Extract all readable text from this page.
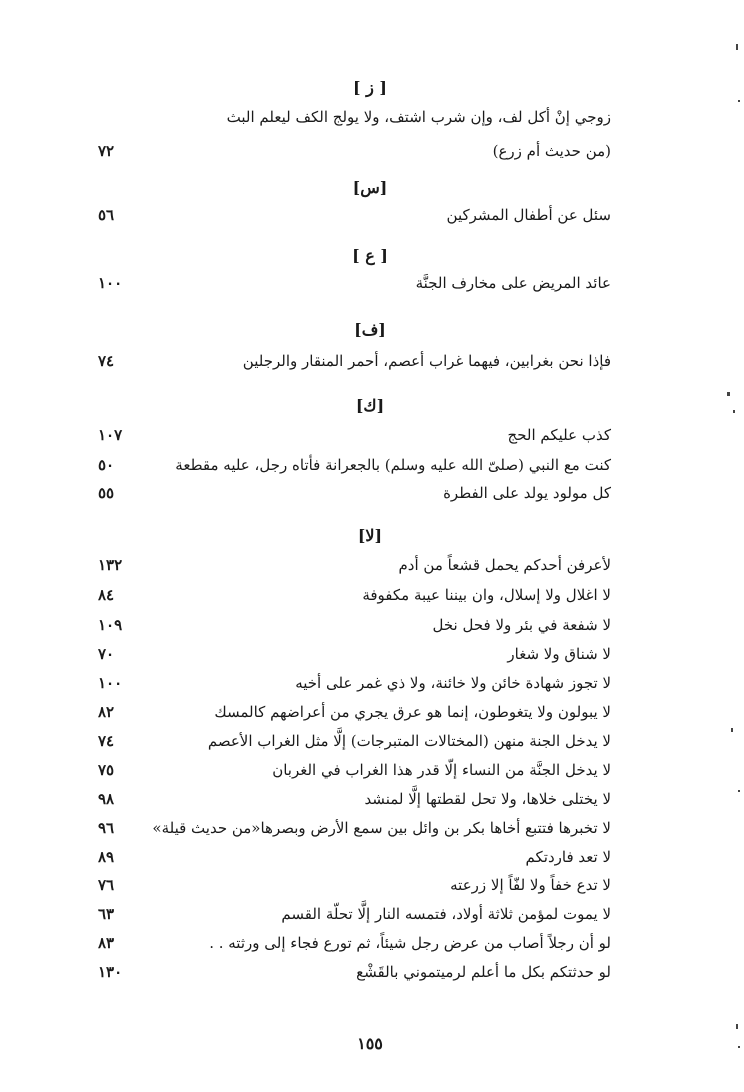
[ ز ]
زوجي إنْ أكل لف، وإن شرب اشتف، ولا يولج الكف ليعلم البث
(من حديث أم زرع)
٧٢
[س]
سئل عن أطفال المشركين
٥٦
[ ع ]
عائد المريض على مخارف الجنَّة
١٠٠
[ف]
فإذا نحن بغرابين، فيهما غراب أعصم، أحمر المنقار والرجلين
٧٤
[ك]
كذب عليكم الحج
١٠٧
كنت مع النبي (صلىّ الله عليه وسلم) بالجعرانة فأتاه رجل، عليه مقطعة
٥٠
كل مولود يولد على الفطرة
٥٥
[لا]
لأعرفن أحدكم يحمل قشعاً من أدم
١٣٢
لا اغلال ولا إسلال، وان بيننا عيبة مكفوفة
٨٤
لا شفعة في بئر ولا فحل نخل
١٠٩
لا شناق ولا شغار
٧٠
لا تجوز شهادة خائن ولا خائنة، ولا ذي غمر على أخيه
١٠٠
لا يبولون ولا يتغوطون، إنما هو عرق يجري من أعراضهم كالمسك
٨٢
لا يدخل الجنة منهن (المختالات المتبرجات) إلَّا مثل الغراب الأعصم
٧٤
لا يدخل الجنَّة من النساء إلّا قدر هذا الغراب في الغربان
٧٥
لا يختلى خلاها، ولا تحل لقطتها إلَّا لمنشد
٩٨
لا تخبرها فتتبع أخاها بكر بن وائل بين سمع الأرض وبصرها«من حديث قيلة»
٩٦
لا تعد فاردتكم
٨٩
لا تدع خفاً ولا لفّاً إلا زرعته
٧٦
لا يموت لمؤمن ثلاثة أولاد، فتمسه النار إلَّا تحلّة القسم
٦٣
لو أن رجلاً أصاب من عرض رجل شيئاً، ثم تورع فجاء إلى ورثته . .
٨٣
لو حدثتكم بكل ما أعلم لرميتموني بالقَشْع
١٣٠
١٥٥
